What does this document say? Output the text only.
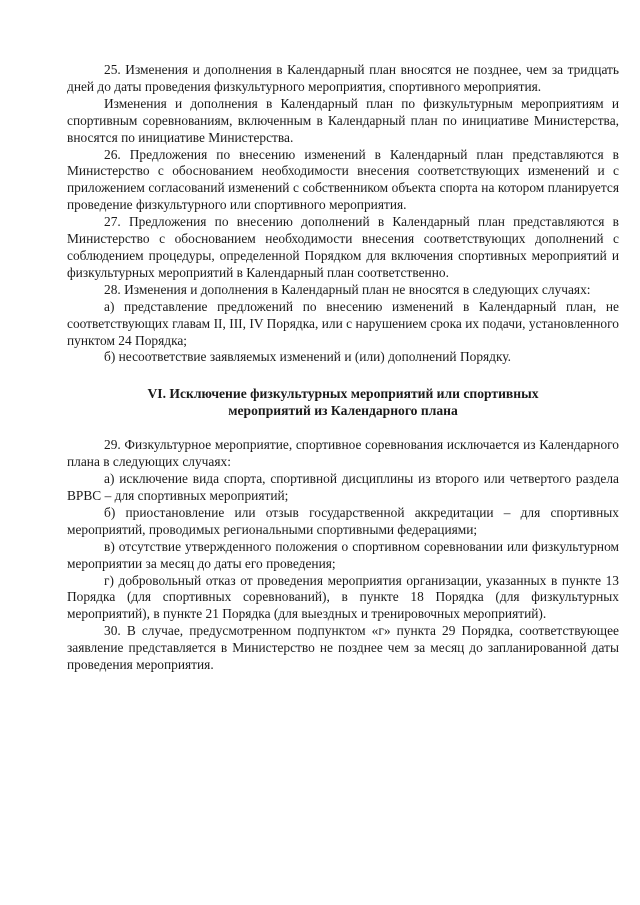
25. Изменения и дополнения в Календарный план вносятся не позднее, чем за тридцать дней до даты проведения физкультурного мероприятия, спортивного мероприятия.

Изменения и дополнения в Календарный план по физкультурным мероприятиям и спортивным соревнованиям, включенным в Календарный план по инициативе Министерства, вносятся по инициативе Министерства.

26. Предложения по внесению изменений в Календарный план представляются в Министерство с обоснованием необходимости внесения соответствующих изменений и с приложением согласований изменений с собственником объекта спорта на котором планируется проведение физкультурного или спортивного мероприятия.

27. Предложения по внесению дополнений в Календарный план представляются в Министерство с обоснованием необходимости внесения соответствующих дополнений с соблюдением процедуры, определенной Порядком для включения спортивных мероприятий и физкультурных мероприятий в Календарный план соответственно.

28. Изменения и дополнения в Календарный план не вносятся в следующих случаях:

а) представление предложений по внесению изменений в Календарный план, не соответствующих главам II, III, IV Порядка, или с нарушением срока их подачи, установленного пунктом 24 Порядка;

б) несоответствие заявляемых изменений и (или) дополнений Порядку.

VI. Исключение физкультурных мероприятий или спортивных
мероприятий из Календарного плана

29. Физкультурное мероприятие, спортивное соревнования исключается из Календарного плана в следующих случаях:

а) исключение вида спорта, спортивной дисциплины из второго или четвертого раздела ВРВС – для спортивных мероприятий;

б) приостановление или отзыв государственной аккредитации – для спортивных мероприятий, проводимых региональными спортивными федерациями;

в) отсутствие утвержденного положения о спортивном соревновании или физкультурном мероприятии за месяц до даты его проведения;

г) добровольный отказ от проведения мероприятия организации, указанных в пункте 13 Порядка (для спортивных соревнований), в пункте 18 Порядка (для физкультурных мероприятий), в пункте 21 Порядка (для выездных и тренировочных мероприятий).

30. В случае, предусмотренном подпунктом «г» пункта 29 Порядка, соответствующее заявление представляется в Министерство не позднее чем за месяц до запланированной даты проведения мероприятия.
